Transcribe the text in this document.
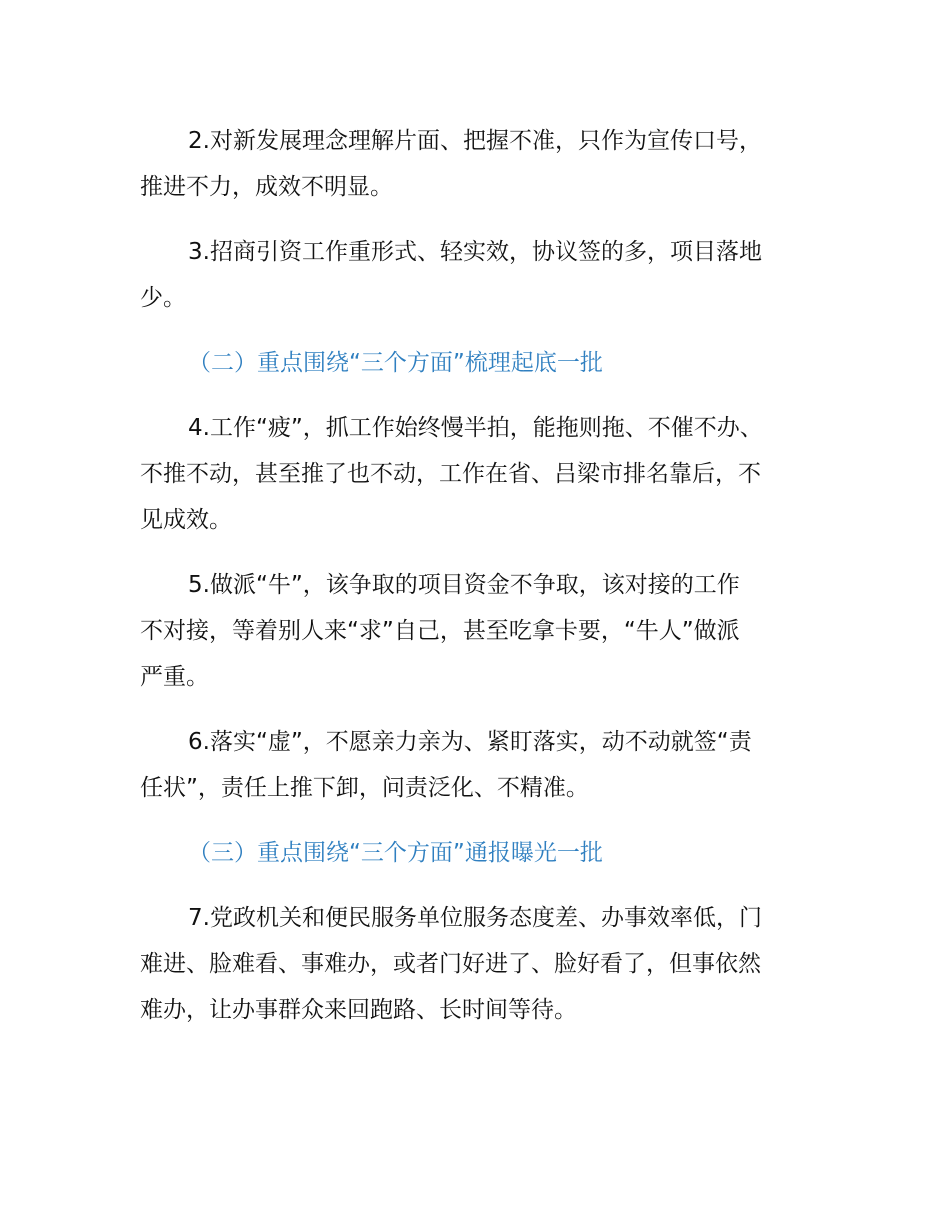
2.对新发展理念理解片面、把握不准，只作为宣传口号，
推进不力，成效不明显。

3.招商引资工作重形式、轻实效，协议签的多，项目落地
少。

（二）重点围绕“三个方面”梳理起底一批

4.工作“疲”，抓工作始终慢半拍，能拖则拖、不催不办、
不推不动，甚至推了也不动，工作在省、吕梁市排名靠后，不
见成效。

5.做派“牛”，该争取的项目资金不争取，该对接的工作
不对接，等着别人来“求”自己，甚至吃拿卡要，“牛人”做派
严重。

6.落实“虚”，不愿亲力亲为、紧盯落实，动不动就签“责
任状”，责任上推下卸，问责泛化、不精准。

（三）重点围绕“三个方面”通报曝光一批

7.党政机关和便民服务单位服务态度差、办事效率低，门
难进、脸难看、事难办，或者门好进了、脸好看了，但事依然
难办，让办事群众来回跑路、长时间等待。
